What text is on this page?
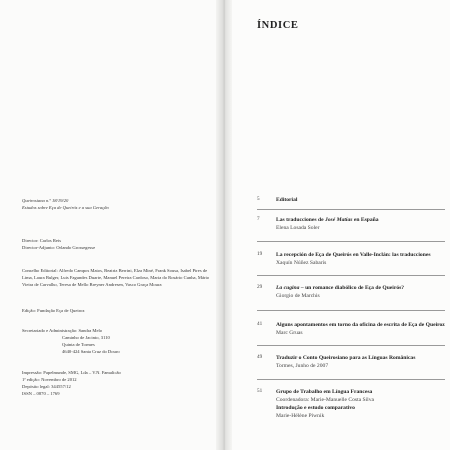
Queirosiana n.º 18/19/20
Estudos sobre Eça de Queirós e a sua Geração
Director: Carlos Reis
Director-Adjunto: Orlando Grossegesse
Conselho Editorial: Alfredo Campos Matos, Beatriz Berrini, Elza Miné, Frank Sousa, Isabel Pires de
Lima, Laura Bulger, Luis Fagundes Duarte, Manuel Pereira Cardoso, Maria do Rosário Cunha, Mário
Vieira de Carvalho, Teresa de Mello Breyner Andresen, Vasco Graça Moura
Edição: Fundação Eça de Queiroz
Secretariado e Administração: Sandra Melo
Caminho de Jacinto, 3110
Quinta de Tormes
4640-424 Santa Cruz do Douro
Impressão: Papelmunde, SMG, Lda – V.N. Famalicão
1ª edição: Novembro de 2012
Depósito legal: 344557/12
ISSN – 0870 – 1769
ÍNDICE
5	Editorial
7	Las traducciones de José Matías en España
Elena Losada Soler
19	La recepción de Eça de Queirós en Valle-Inclán: las traducciones
Xaquín Núñez Sabarís
29	La cugina – un romance diabólico de Eça de Queirós?
Giorgio de Marchis
41	Alguns apontamentos em torno da oficina de escrita de Eça de Queiroz
Marc Gruas
49	Traduzir o Conto Queirosiano para as Línguas Românicas
Tormes, Junho de 2007
51	Grupo de Trabalho em Língua Francesa
Coordenadora: Marie-Manuelle Costa Silva
Introdução e estudo comparativo
Marie-Hélène Piwnik
